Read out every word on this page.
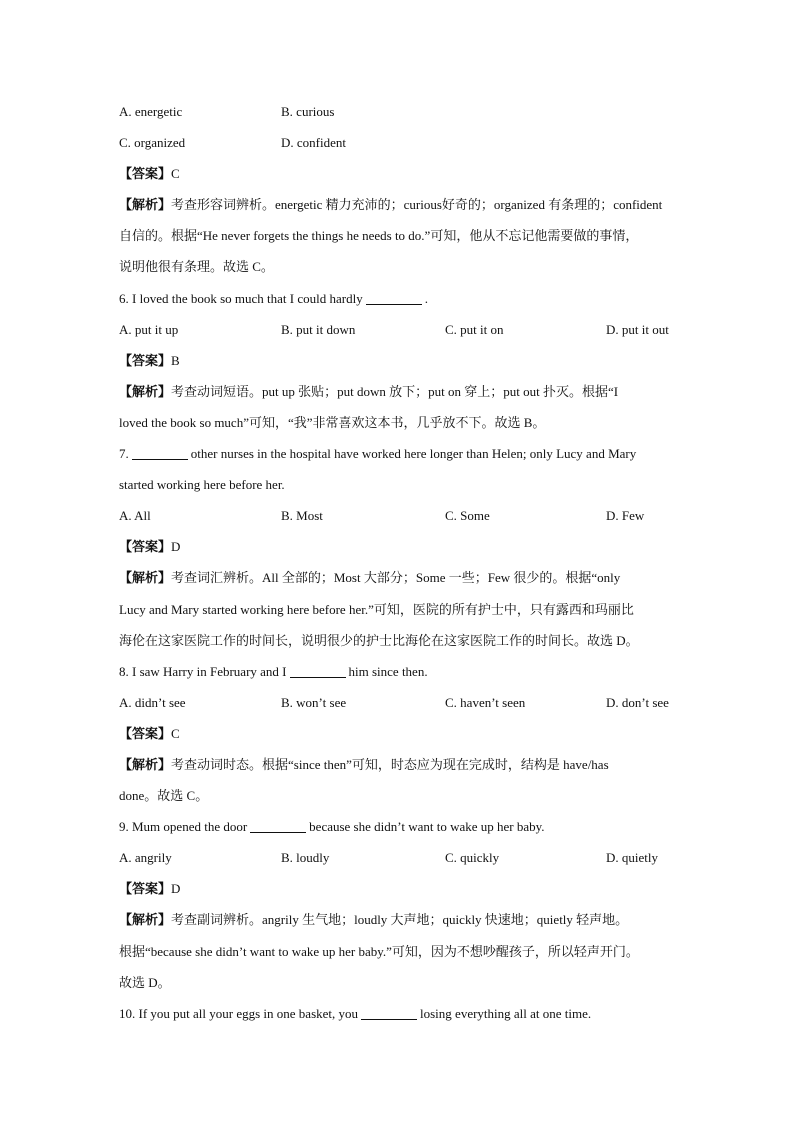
A. energetic	B. curious
C. organized	D. confident
【答案】C
【解析】考查形容词辨析。energetic 精力充沛的；curious好奇的；organized 有条理的；confident
自信的。根据“He never forgets the things he needs to do.”可知，他从不忘记他需要做的事情，
说明他很有条理。故选 C。
6. I loved the book so much that I could hardly	.
A. put it up	B. put it down	C. put it on	D. put it out
【答案】B
【解析】考查动词短语。put up 张贴；put down 放下；put on 穿上；put out 扑灭。根据“I
loved the book so much”可知，“我”非常喜欢这本书，几乎放不下。故选 B。
7.	other nurses in the hospital have worked here longer than Helen; only Lucy and Mary
started working here before her.
A. All	B. Most	C. Some	D. Few
【答案】D
【解析】考查词汇辨析。All 全部的；Most 大部分；Some 一些；Few 很少的。根据“only
Lucy and Mary started working here before her.”可知，医院的所有护士中，只有露西和玛丽比
海伦在这家医院工作的时间长，说明很少的护士比海伦在这家医院工作的时间长。故选 D。
8. I saw Harry in February and I	him since then.
A. didn’t see	B. won’t see	C. haven’t seen	D. don’t see
【答案】C
【解析】考查动词时态。根据“since then”可知，时态应为现在完成时，结构是 have/has
done。故选 C。
9. Mum opened the door	because she didn’t want to wake up her baby.
A. angrily	B. loudly	C. quickly	D. quietly
【答案】D
【解析】考查副词辨析。angrily 生气地；loudly 大声地；quickly 快速地；quietly 轻声地。
根据“because she didn’t want to wake up her baby.”可知，因为不想吵醒孩子，所以轻声开门。
故选 D。
10. If you put all your eggs in one basket, you	losing everything all at one time.
